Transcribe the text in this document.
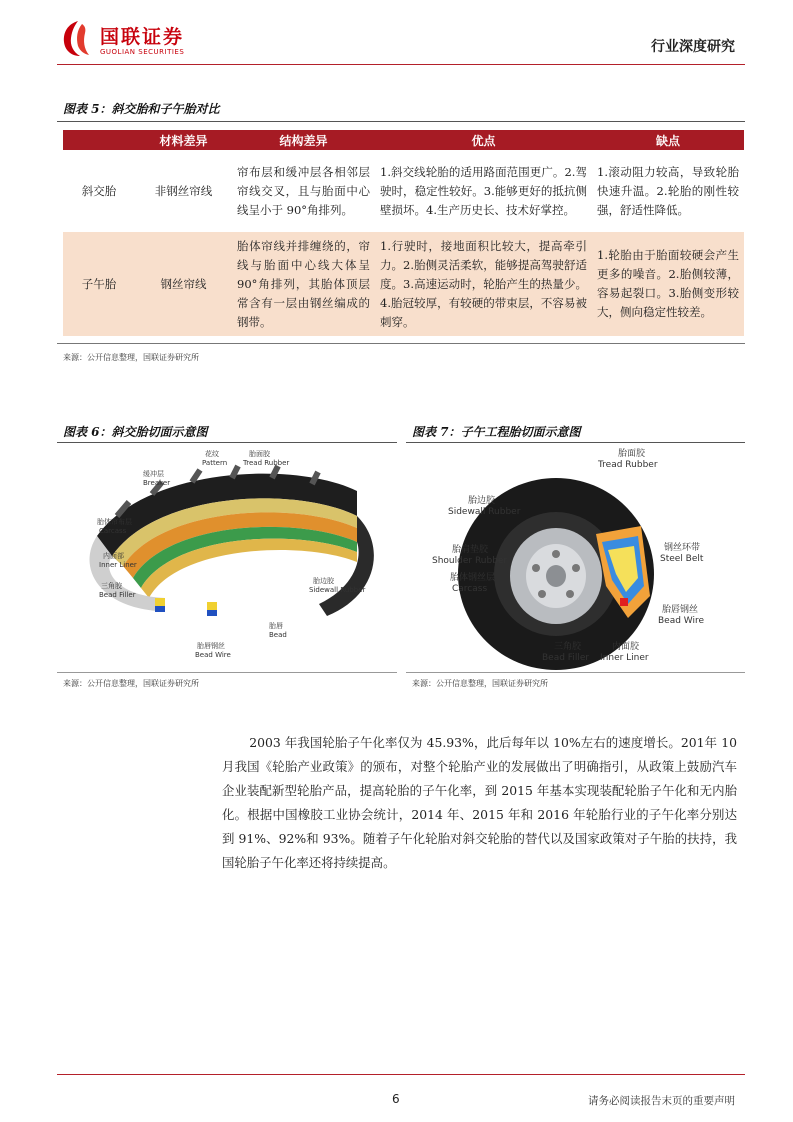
国联证券
GUOLIAN SECURITIES	行业深度研究
图表 5：斜交胎和子午胎对比
	材料差异	结构差异	优点	缺点
斜交胎	非钢丝帘线	帘布层和缓冲层各相邻层帘线交叉，且与胎面中心线呈小于 90°角排列。	1.斜交线轮胎的适用路面范围更广。2.驾驶时，稳定性较好。3.能够更好的抵抗侧壁损坏。4.生产历史长、技术好掌控。	1.滚动阻力较高，导致轮胎快速升温。2.轮胎的刚性较强，舒适性降低。
子午胎	钢丝帘线	胎体帘线并排缠绕的，帘线与胎面中心线大体呈 90°角排列，其胎体顶层常含有一层由钢丝编成的钢带。	1.行驶时，接地面积比较大，提高牵引力。2.胎侧灵活柔软，能够提高驾驶舒适度。3.高速运动时，轮胎产生的热量少。4.胎冠较厚，有较硬的带束层，不容易被刺穿。	1.轮胎由于胎面较硬会产生更多的噪音。2.胎侧较薄，容易起裂口。3.胎侧变形较大，侧向稳定性较差。
来源：公开信息整理，国联证券研究所
图表 6：斜交胎切面示意图
花纹
Pattern
胎面胶
Tread Rubber
缓冲层
Breaker
胎体帘布层
Carcass
内面部
Inner Liner
三角胶
Bead Filler
胎边胶
Sidewall Rubber
胎唇
Bead
胎唇钢丝
Bead Wire
来源：公开信息整理，国联证券研究所
图表 7：子午工程胎切面示意图
胎面胶
Tread Rubber
胎边胶
Sidewall Rubber
胎肩垫胶
Shoulder Rubber
胎体钢丝层
Carcass
钢丝环带
Steel Belt
胎唇钢丝
Bead Wire
三角胶
Bead Filler
内面胶
Inner Liner
来源：公开信息整理，国联证券研究所
2003 年我国轮胎子午化率仅为 45.93%，此后每年以 10%左右的速度增长。201年 10 月我国《轮胎产业政策》的颁布，对整个轮胎产业的发展做出了明确指引，从政策上鼓励汽车企业装配新型轮胎产品，提高轮胎的子午化率，到 2015 年基本实现装配轮胎子午化和无内胎化。根据中国橡胶工业协会统计，2014 年、2015 年和 2016 年轮胎行业的子午化率分别达到 91%、92%和 93%。随着子午化轮胎对斜交轮胎的替代以及国家政策对子午胎的扶持，我国轮胎子午化率还将持续提高。
6	请务必阅读报告末页的重要声明
